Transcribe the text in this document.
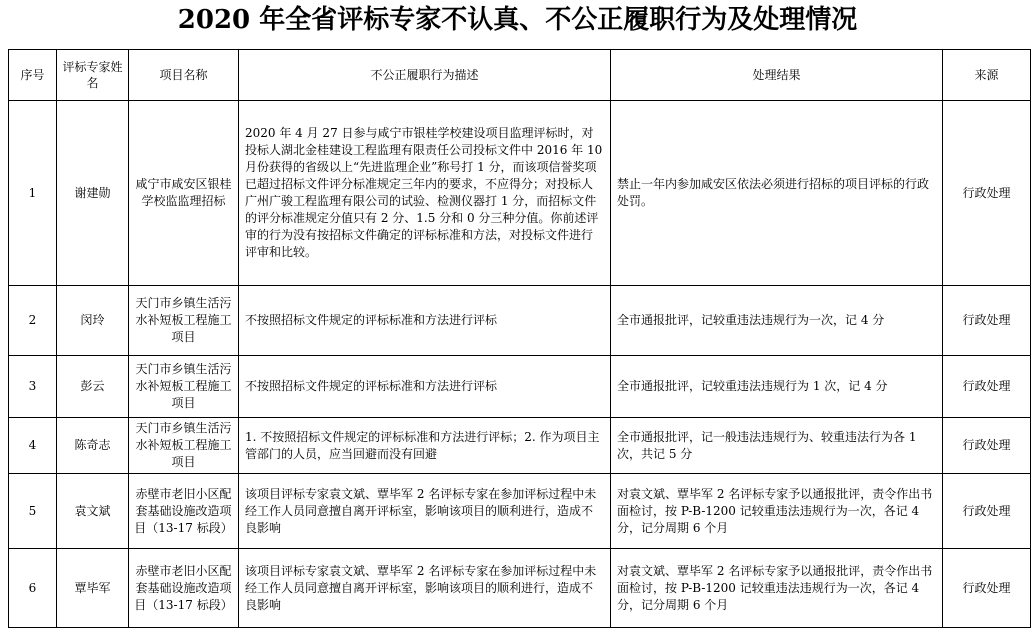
2020 年全省评标专家不认真、不公正履职行为及处理情况
序号	评标专家姓名	项目名称	不公正履职行为描述	处理结果	来源
1	谢建勋	咸宁市咸安区银桂学校监监理招标	2020 年 4 月 27 日参与咸宁市银桂学校建设项目监理评标时，对投标人湖北金桂建设工程监理有限责任公司投标文件中 2016 年 10 月份获得的省级以上“先进监理企业”称号打 1 分，而该项信誉奖项已超过招标文件评分标准规定三年内的要求，不应得分；对投标人广州广骏工程监理有限公司的试验、检测仪器打 1 分，而招标文件的评分标准规定分值只有 2 分、1.5 分和 0 分三种分值。你前述评审的行为没有按招标文件确定的评标标准和方法，对投标文件进行评审和比较。	禁止一年内参加咸安区依法必须进行招标的项目评标的行政处罚。	行政处理
2	闵玲	天门市乡镇生活污水补短板工程施工项目	不按照招标文件规定的评标标准和方法进行评标	全市通报批评，记较重违法违规行为一次，记 4 分	行政处理
3	彭云	天门市乡镇生活污水补短板工程施工项目	不按照招标文件规定的评标标准和方法进行评标	全市通报批评，记较重违法违规行为 1 次，记 4 分	行政处理
4	陈奇志	天门市乡镇生活污水补短板工程施工项目	1. 不按照招标文件规定的评标标准和方法进行评标；2. 作为项目主管部门的人员，应当回避而没有回避	全市通报批评，记一般违法违规行为、较重违法行为各 1 次，共记 5 分	行政处理
5	袁文斌	赤壁市老旧小区配套基础设施改造项目（13-17 标段）	该项目评标专家袁文斌、覃毕军 2 名评标专家在参加评标过程中未经工作人员同意擅自离开评标室，影响该项目的顺利进行，造成不良影响	对袁文斌、覃毕军 2 名评标专家予以通报批评，责令作出书面检讨，按 P-B-1200 记较重违法违规行为一次，各记 4 分，记分周期 6 个月	行政处理
6	覃毕军	赤壁市老旧小区配套基础设施改造项目（13-17 标段）	该项目评标专家袁文斌、覃毕军 2 名评标专家在参加评标过程中未经工作人员同意擅自离开评标室，影响该项目的顺利进行，造成不良影响	对袁文斌、覃毕军 2 名评标专家予以通报批评，责令作出书面检讨，按 P-B-1200 记较重违法违规行为一次，各记 4 分，记分周期 6 个月	行政处理
